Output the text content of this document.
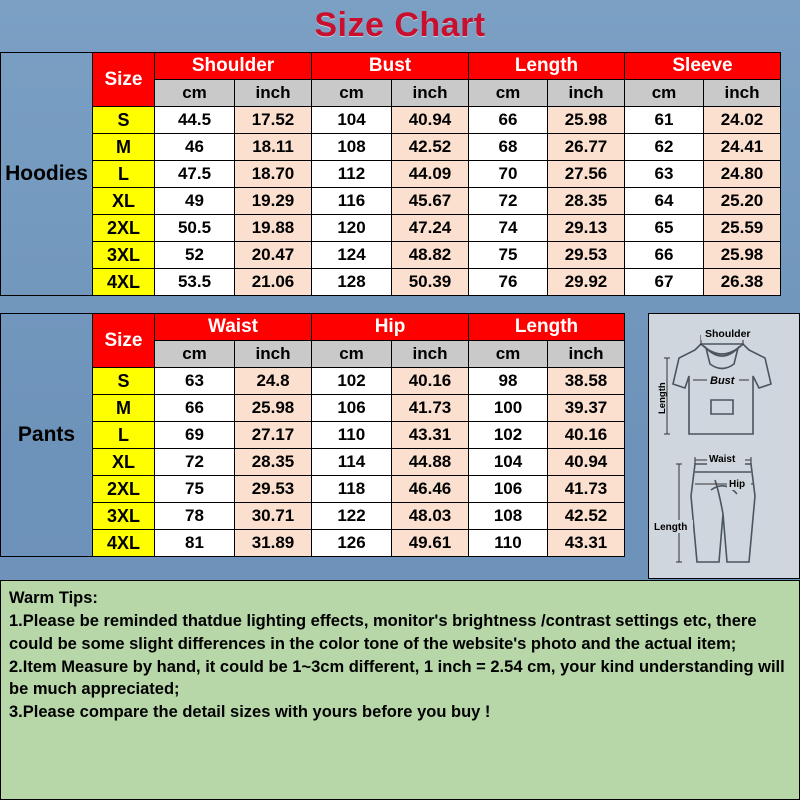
Size Chart
Hoodies	Size	Shoulder		Bust		Length		Sleeve	
		cm	inch	cm	inch	cm	inch	cm	inch
	S	44.5	17.52	104	40.94	66	25.98	61	24.02
	M	46	18.11	108	42.52	68	26.77	62	24.41
	L	47.5	18.70	112	44.09	70	27.56	63	24.80
	XL	49	19.29	116	45.67	72	28.35	64	25.20
	2XL	50.5	19.88	120	47.24	74	29.13	65	25.59
	3XL	52	20.47	124	48.82	75	29.53	66	25.98
	4XL	53.5	21.06	128	50.39	76	29.92	67	26.38
Pants	Size	Waist		Hip		Length	
		cm	inch	cm	inch	cm	inch
	S	63	24.8	102	40.16	98	38.58
	M	66	25.98	106	41.73	100	39.37
	L	69	27.17	110	43.31	102	40.16
	XL	72	28.35	114	44.88	104	40.94
	2XL	75	29.53	118	46.46	106	41.73
	3XL	78	30.71	122	48.03	108	42.52
	4XL	81	31.89	126	49.61	110	43.31
Shoulder
Bust
Length
Waist
Hip
Length

Warm Tips:

1.Please be reminded thatdue lighting effects, monitor's brightness /contrast settings etc, there could be some slight differences in the color tone of the website's photo and the actual item;

2.Item Measure by hand, it could be 1~3cm different, 1 inch = 2.54 cm, your kind understanding will be much appreciated;

3.Please compare the detail sizes with yours before you buy !
